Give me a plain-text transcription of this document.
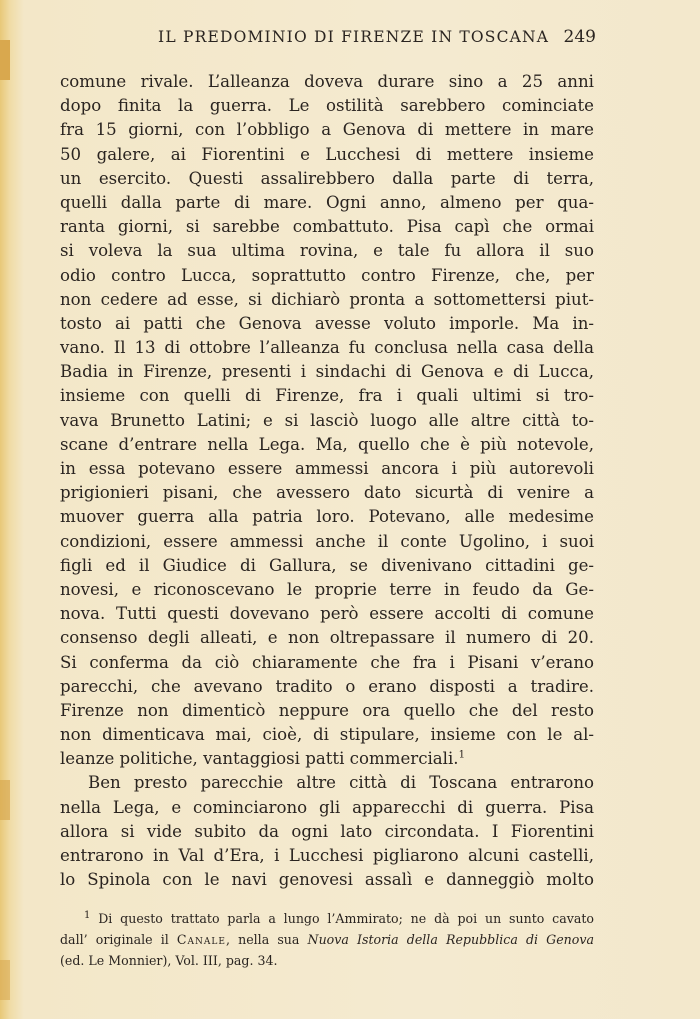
IL PREDOMINIO DI FIRENZE IN TOSCANA 249
comune rivale. L’alleanza doveva durare sino a 25 anni
dopo finita la guerra. Le ostilità sarebbero cominciate
fra 15 giorni, con l’obbligo a Genova di mettere in mare
50 galere, ai Fiorentini e Lucchesi di mettere insieme
un esercito. Questi assalirebbero dalla parte di terra,
quelli dalla parte di mare. Ogni anno, almeno per qua-
ranta giorni, si sarebbe combattuto. Pisa capì che ormai
si voleva la sua ultima rovina, e tale fu allora il suo
odio contro Lucca, soprattutto contro Firenze, che, per
non cedere ad esse, si dichiarò pronta a sottomettersi piut-
tosto ai patti che Genova avesse voluto imporle. Ma in-
vano. Il 13 di ottobre l’alleanza fu conclusa nella casa della
Badia in Firenze, presenti i sindachi di Genova e di Lucca,
insieme con quelli di Firenze, fra i quali ultimi si tro-
vava Brunetto Latini; e si lasciò luogo alle altre città to-
scane d’entrare nella Lega. Ma, quello che è più notevole,
in essa potevano essere ammessi ancora i più autorevoli
prigionieri pisani, che avessero dato sicurtà di venire a
muover guerra alla patria loro. Potevano, alle medesime
condizioni, essere ammessi anche il conte Ugolino, i suoi
figli ed il Giudice di Gallura, se divenivano cittadini ge-
novesi, e riconoscevano le proprie terre in feudo da Ge-
nova. Tutti questi dovevano però essere accolti di comune
consenso degli alleati, e non oltrepassare il numero di 20.
Si conferma da ciò chiaramente che fra i Pisani v’erano
parecchi, che avevano tradito o erano disposti a tradire.
Firenze non dimenticò neppure ora quello che del resto
non dimenticava mai, cioè, di stipulare, insieme con le al-
leanze politiche, vantaggiosi patti commerciali.$^1$
Ben presto parecchie altre città di Toscana entrarono
nella Lega, e cominciarono gli apparecchi di guerra. Pisa
allora si vide subito da ogni lato circondata. I Fiorentini
entrarono in Val d’Era, i Lucchesi pigliarono alcuni castelli,
lo Spinola con le navi genovesi assalì e danneggiò molto
$^1$ Di questo trattato parla a lungo l’Ammirato; ne dà poi un sunto cavato
dall’ originale il Canale, nella sua Nuova Istoria della Repubblica di Genova
(ed. Le Monnier), Vol. III, pag. 34.
